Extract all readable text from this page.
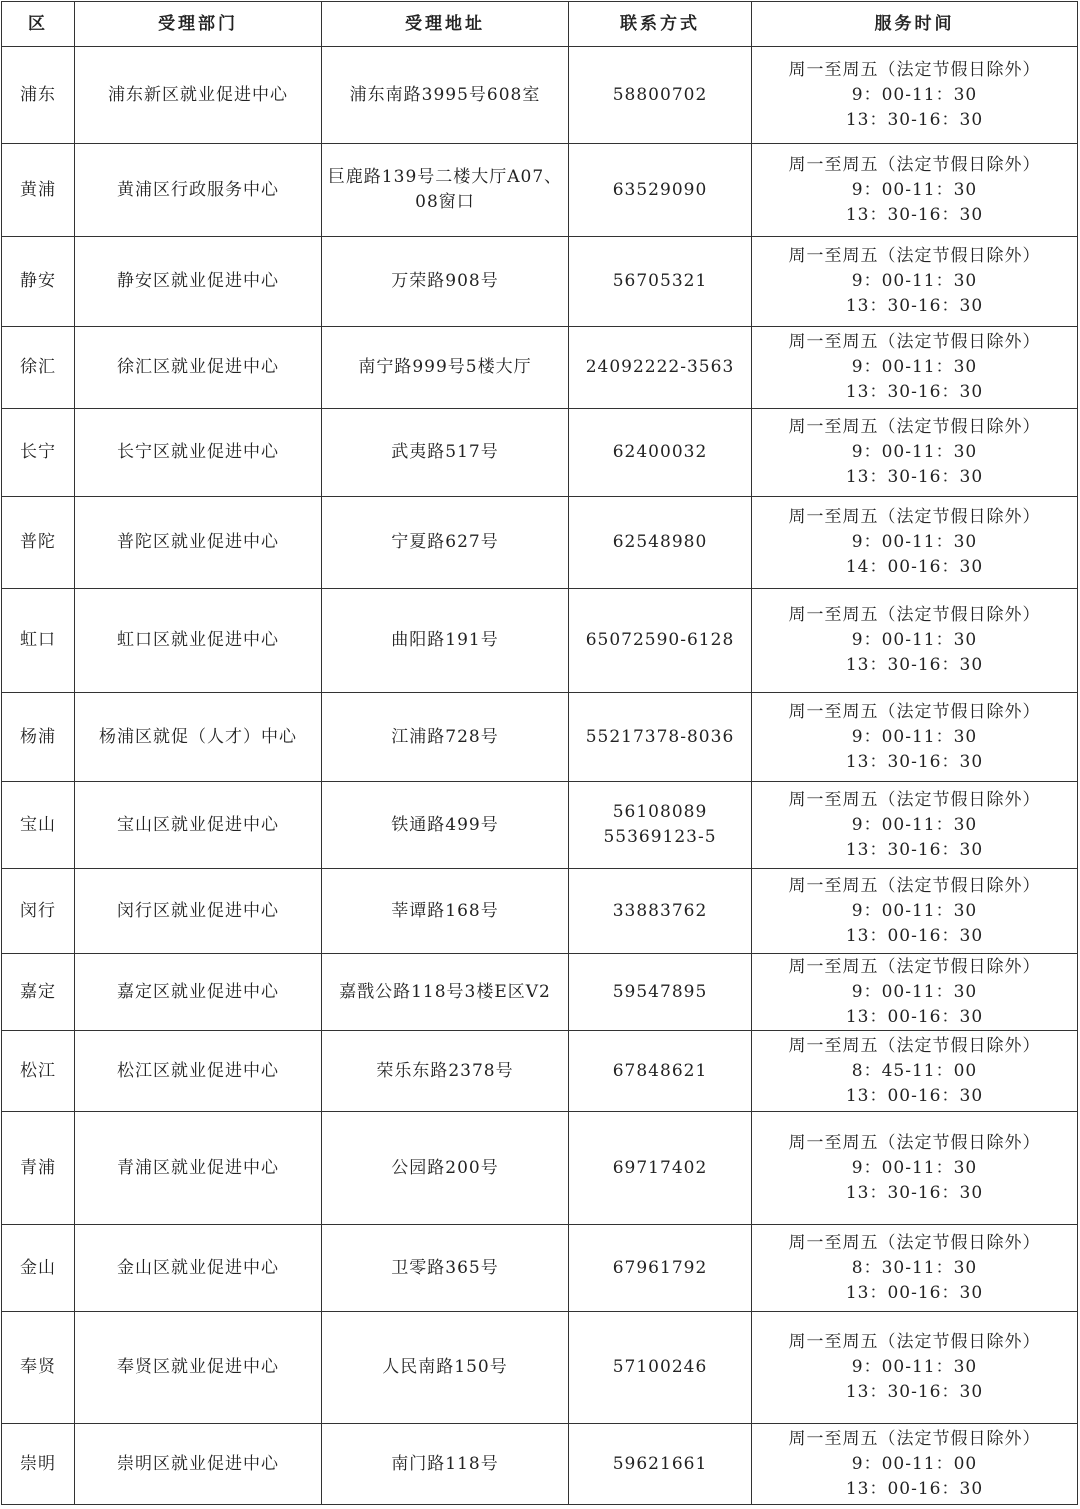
区	受理部门	受理地址	联系方式	服务时间
浦东	浦东新区就业促进中心	浦东南路3995号608室	58800702	周一至周五（法定节假日除外）
9：00-11：30
13：30-16：30

黄浦	黄浦区行政服务中心	巨鹿路139号二楼大厅A07、
08窗口	63529090	周一至周五（法定节假日除外）
9：00-11：30
13：30-16：30

静安	静安区就业促进中心	万荣路908号	56705321	周一至周五（法定节假日除外）
9：00-11：30
13：30-16：30

徐汇	徐汇区就业促进中心	南宁路999号5楼大厅	24092222-3563	周一至周五（法定节假日除外）
9：00-11：30
13：30-16：30

长宁	长宁区就业促进中心	武夷路517号	62400032	周一至周五（法定节假日除外）
9：00-11：30
13：30-16：30

普陀	普陀区就业促进中心	宁夏路627号	62548980	周一至周五（法定节假日除外）
9：00-11：30
14：00-16：30

虹口	虹口区就业促进中心	曲阳路191号	65072590-6128	周一至周五（法定节假日除外）
9：00-11：30
13：30-16：30

杨浦	杨浦区就促（人才）中心	江浦路728号	55217378-8036	周一至周五（法定节假日除外）
9：00-11：30
13：30-16：30

宝山	宝山区就业促进中心	铁通路499号	56108089
55369123-5	周一至周五（法定节假日除外）
9：00-11：30
13：30-16：30

闵行	闵行区就业促进中心	莘谭路168号	33883762	周一至周五（法定节假日除外）
9：00-11：30
13：00-16：30

嘉定	嘉定区就业促进中心	嘉戬公路118号3楼E区V2	59547895	周一至周五（法定节假日除外）
9：00-11：30
13：00-16：30

松江	松江区就业促进中心	荣乐东路2378号	67848621	周一至周五（法定节假日除外）
8：45-11：00
13：00-16：30

青浦	青浦区就业促进中心	公园路200号	69717402	周一至周五（法定节假日除外）
9：00-11：30
13：30-16：30

金山	金山区就业促进中心	卫零路365号	67961792	周一至周五（法定节假日除外）
8：30-11：30
13：00-16：30

奉贤	奉贤区就业促进中心	人民南路150号	57100246	周一至周五（法定节假日除外）
9：00-11：30
13：30-16：30

崇明	崇明区就业促进中心	南门路118号	59621661	周一至周五（法定节假日除外）
9：00-11：00
13：00-16：30
